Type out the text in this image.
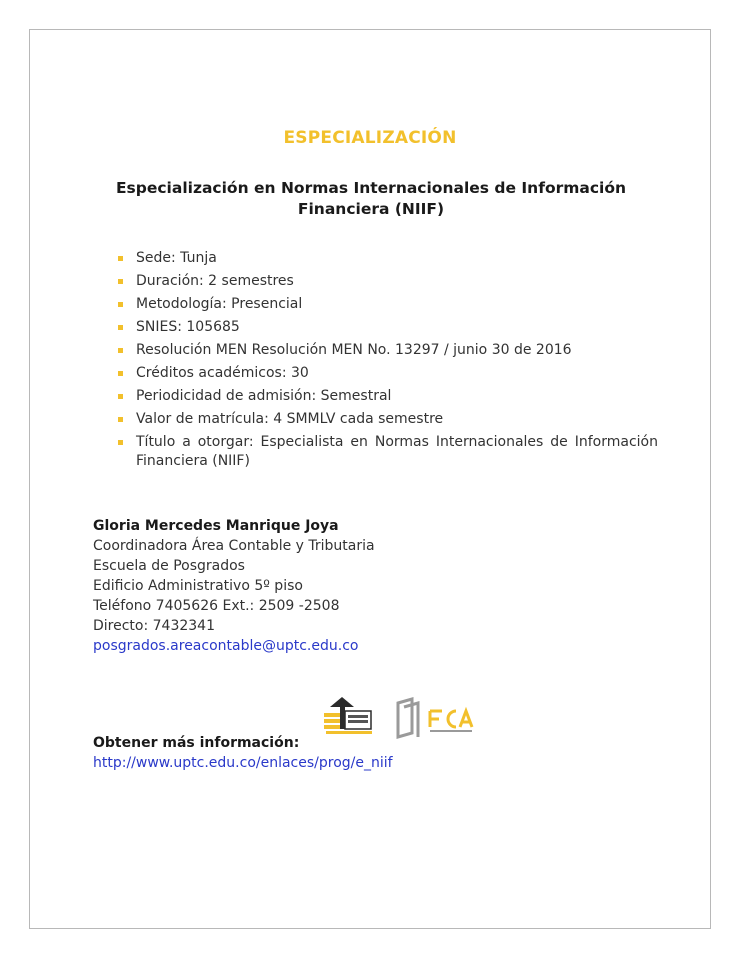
ESPECIALIZACIÓN
Especialización en Normas Internacionales de Información Financiera (NIIF)
Sede: Tunja
Duración: 2 semestres
Metodología: Presencial
SNIES: 105685
Resolución MEN Resolución MEN No. 13297 / junio 30 de 2016
Créditos académicos: 30
Periodicidad de admisión: Semestral
Valor de matrícula: 4 SMMLV cada semestre
Título a otorgar: Especialista en Normas Internacionales de Información Financiera (NIIF)
Gloria Mercedes Manrique Joya
Coordinadora Área Contable y Tributaria
Escuela de Posgrados
Edificio Administrativo 5º piso
Teléfono 7405626 Ext.: 2509 -2508
Directo: 7432341
posgrados.areacontable@uptc.edu.co
Obtener más información:
http://www.uptc.edu.co/enlaces/prog/e_niif
